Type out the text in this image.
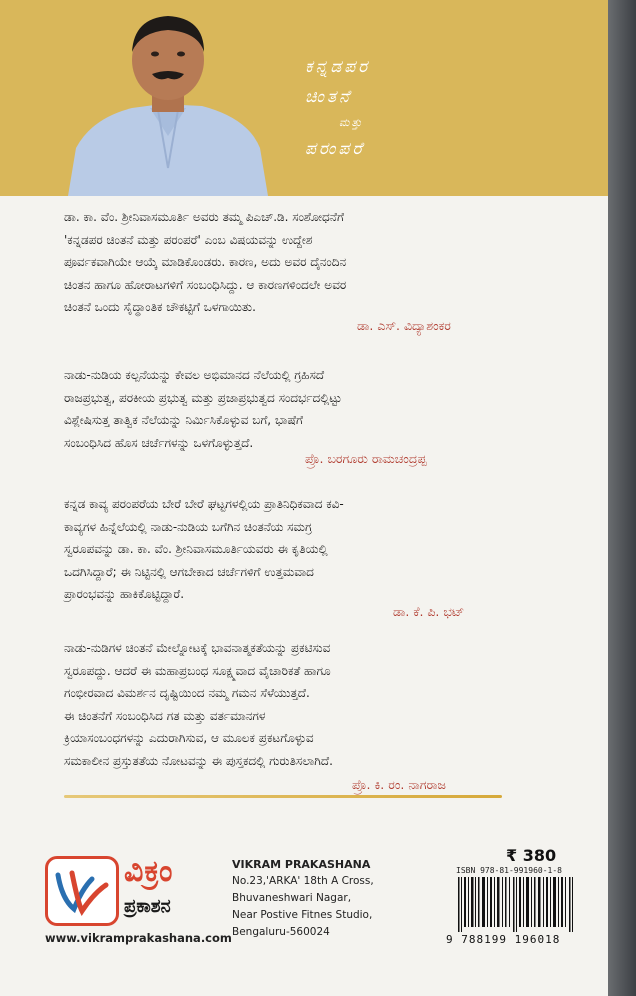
ಕನ್ನಡಪರ
ಚಿಂತನೆ
ಮತ್ತು
ಪರಂಪರೆ

ಡಾ. ಕಾ. ವೆಂ. ಶ್ರೀನಿವಾಸಮೂರ್ತಿ ಅವರು ತಮ್ಮ ಪಿಎಚ್.ಡಿ. ಸಂಶೋಧನೆಗೆ

'ಕನ್ನಡಪರ ಚಿಂತನೆ ಮತ್ತು ಪರಂಪರೆ' ಎಂಬ ವಿಷಯವನ್ನು ಉದ್ದೇಶ

ಪೂರ್ವಕವಾಗಿಯೇ ಆಯ್ಕೆ ಮಾಡಿಕೊಂಡರು. ಕಾರಣ, ಅದು ಅವರ ದೈನಂದಿನ

ಚಿಂತನ ಹಾಗೂ ಹೋರಾಟಗಳಿಗೆ ಸಂಬಂಧಿಸಿದ್ದು. ಆ ಕಾರಣಗಳಿಂದಲೇ ಅವರ

ಚಿಂತನೆ ಒಂದು ಸೈದ್ಧಾಂತಿಕ ಚೌಕಟ್ಟಿಗೆ ಒಳಗಾಯಿತು.

ಡಾ. ಎಸ್. ವಿದ್ಯಾಶಂಕರ

ನಾಡು-ನುಡಿಯ ಕಲ್ಪನೆಯನ್ನು ಕೇವಲ ಅಭಿಮಾನದ ನೆಲೆಯಲ್ಲಿ ಗ್ರಹಿಸದೆ

ರಾಜಪ್ರಭುತ್ವ, ಪರಕೀಯ ಪ್ರಭುತ್ವ ಮತ್ತು ಪ್ರಜಾಪ್ರಭುತ್ವದ ಸಂದರ್ಭದಲ್ಲಿಟ್ಟು

ವಿಶ್ಲೇಷಿಸುತ್ತ ತಾತ್ವಿಕ ನೆಲೆಯನ್ನು ನಿರ್ಮಿಸಿಕೊಳ್ಳುವ ಬಗೆ, ಭಾಷೆಗೆ

ಸಂಬಂಧಿಸಿದ ಹೊಸ ಚರ್ಚೆಗಳನ್ನು ಒಳಗೊಳ್ಳುತ್ತದೆ.

ಪ್ರೊ. ಬರಗೂರು ರಾಮಚಂದ್ರಪ್ಪ

ಕನ್ನಡ ಕಾವ್ಯ ಪರಂಪರೆಯ ಬೇರೆ ಬೇರೆ ಘಟ್ಟಗಳಲ್ಲಿಯ ಪ್ರಾತಿನಿಧಿಕವಾದ ಕವಿ-

ಕಾವ್ಯಗಳ ಹಿನ್ನೆಲೆಯಲ್ಲಿ ನಾಡು-ನುಡಿಯ ಬಗೆಗಿನ ಚಿಂತನೆಯ ಸಮಗ್ರ

ಸ್ವರೂಪವನ್ನು ಡಾ. ಕಾ. ವೆಂ. ಶ್ರೀನಿವಾಸಮೂರ್ತಿಯವರು ಈ ಕೃತಿಯಲ್ಲಿ

ಒದಗಿಸಿದ್ದಾರೆ; ಈ ನಿಟ್ಟಿನಲ್ಲಿ ಆಗಬೇಕಾದ ಚರ್ಚೆಗಳಿಗೆ ಉತ್ತಮವಾದ

ಪ್ರಾರಂಭವನ್ನು ಹಾಕಿಕೊಟ್ಟಿದ್ದಾರೆ.

ಡಾ. ಕೆ. ಪಿ. ಭಟ್

ನಾಡು-ನುಡಿಗಳ ಚಿಂತನೆ ಮೇಲ್ನೋಟಕ್ಕೆ ಭಾವನಾತ್ಮಕತೆಯನ್ನು ಪ್ರಕಟಿಸುವ

ಸ್ವರೂಪದ್ದು. ಆದರೆ ಈ ಮಹಾಪ್ರಬಂಧ ಸೂಕ್ಷ್ಮವಾದ ವೈಚಾರಿಕತೆ ಹಾಗೂ

ಗಂಭೀರವಾದ ವಿಮರ್ಶನ ದೃಷ್ಟಿಯಿಂದ ನಮ್ಮ ಗಮನ ಸೆಳೆಯುತ್ತದೆ.

ಈ ಚಿಂತನೆಗೆ ಸಂಬಂಧಿಸಿದ ಗತ ಮತ್ತು ವರ್ತಮಾನಗಳ

ಕ್ರಿಯಾಸಂಬಂಧಗಳನ್ನು ಎದುರಾಗಿಸುವ, ಆ ಮೂಲಕ ಪ್ರಕಟಗೊಳ್ಳುವ

ಸಮಕಾಲೀನ ಪ್ರಸ್ತುತತೆಯ ನೋಟವನ್ನು ಈ ಪುಸ್ತಕದಲ್ಲಿ ಗುರುತಿಸಲಾಗಿದೆ.

ಪ್ರೊ. ಕಿ. ರಂ. ನಾಗರಾಜ
ವಿಕ್ರಂ
ಪ್ರಕಾಶನ
www.vikramprakashana.com
VIKRAM PRAKASHANA
No.23,'ARKA' 18th A Cross,
Bhuvaneshwari Nagar,
Near Postive Fitnes Studio,
Bengaluru-560024
₹ 380
ISBN 978-81-991960-1-8
9 788199 196018
